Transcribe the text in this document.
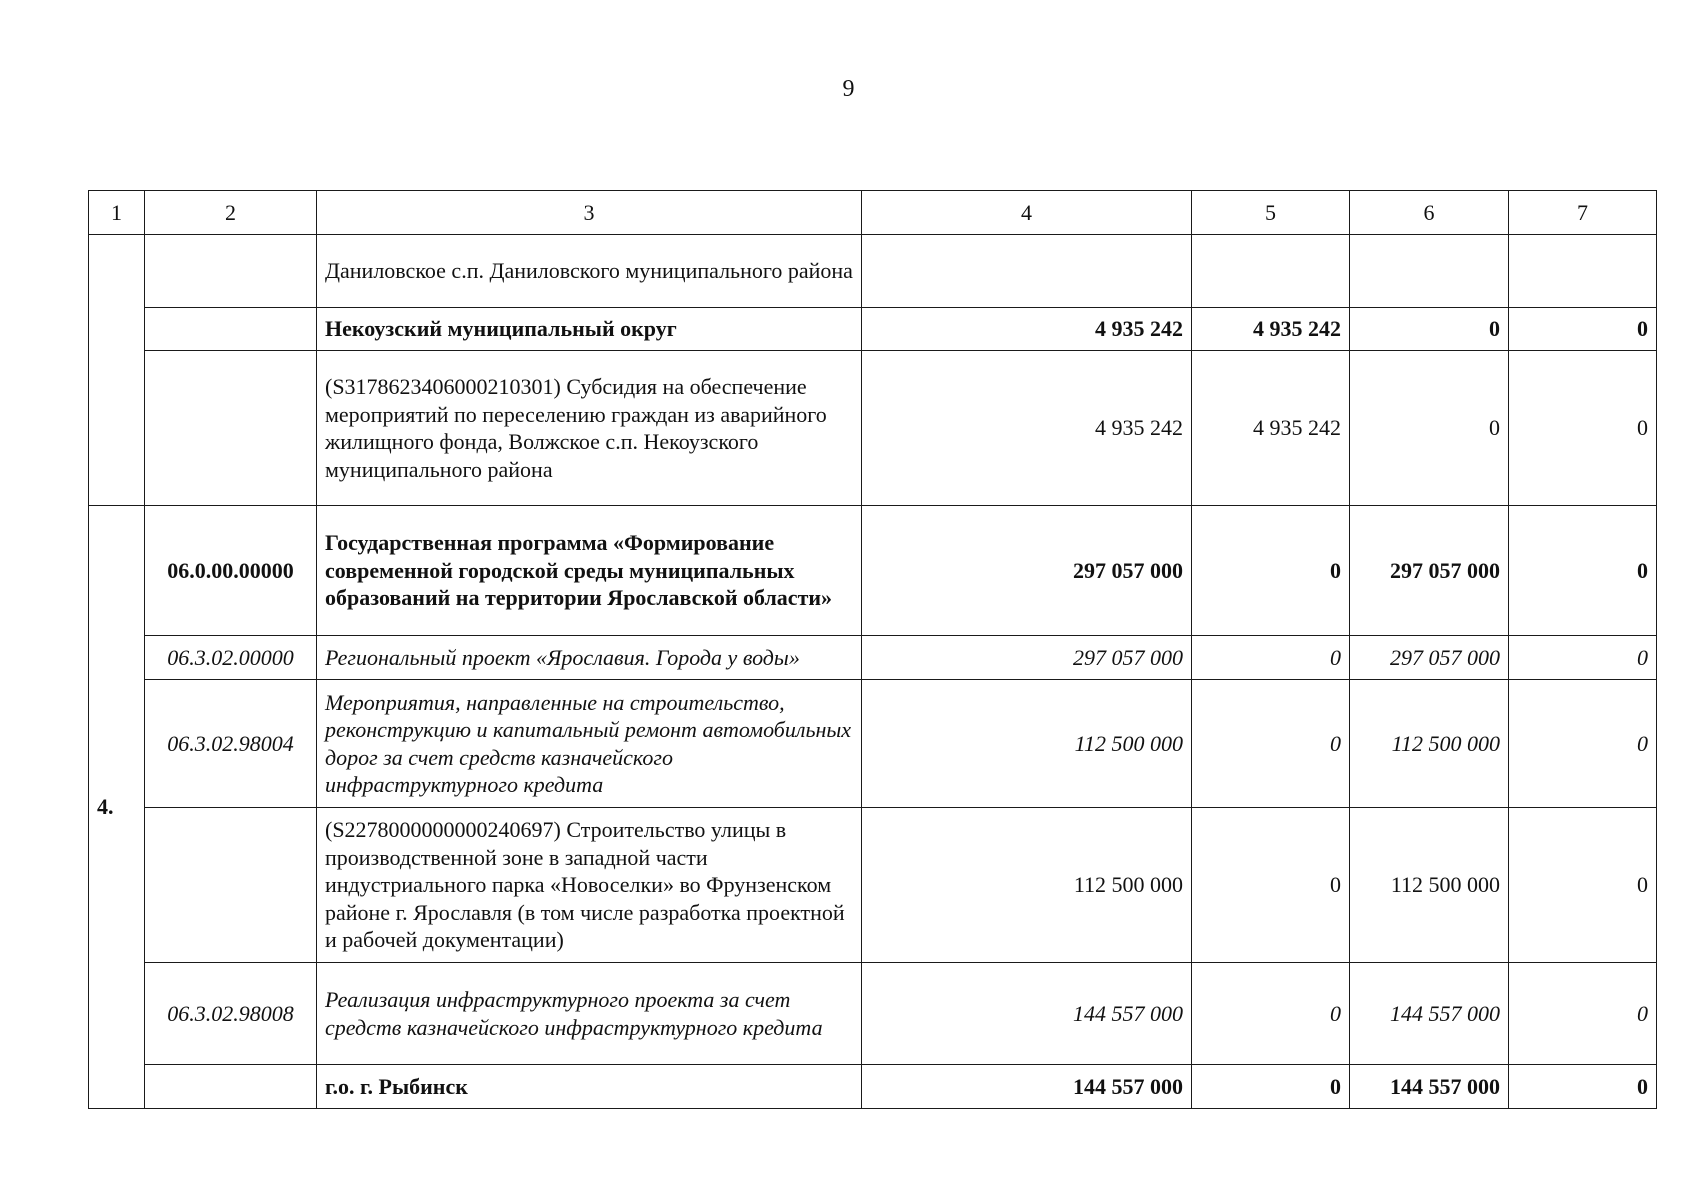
9
1	2	3	4	5	6	7
		Даниловское с.п. Даниловского муниципального района				
		Некоузский муниципальный округ	4 935 242	4 935 242	0	0
		(S3178623406000210301) Субсидия на обеспечение мероприятий по переселению граждан из аварийного жилищного фонда, Волжское с.п. Некоузского муниципального района	4 935 242	4 935 242	0	0
4.	06.0.00.00000	Государственная программа «Формирование современной городской среды муниципальных образований на территории Ярославской области»	297 057 000	0	297 057 000	0
	06.3.02.00000	Региональный проект «Ярославия. Города у воды»	297 057 000	0	297 057 000	0
	06.3.02.98004	Мероприятия, направленные на строительство, реконструкцию и капитальный ремонт автомобильных дорог за счет средств казначейского инфраструктурного кредита	112 500 000	0	112 500 000	0
		(S2278000000000240697) Строительство улицы в производственной зоне в западной части индустриального парка «Новоселки» во Фрунзенском районе г. Ярославля (в том числе разработка проектной и рабочей документации)	112 500 000	0	112 500 000	0
	06.3.02.98008	Реализация инфраструктурного проекта за счет средств казначейского инфраструктурного кредита	144 557 000	0	144 557 000	0
		г.о. г. Рыбинск	144 557 000	0	144 557 000	0
